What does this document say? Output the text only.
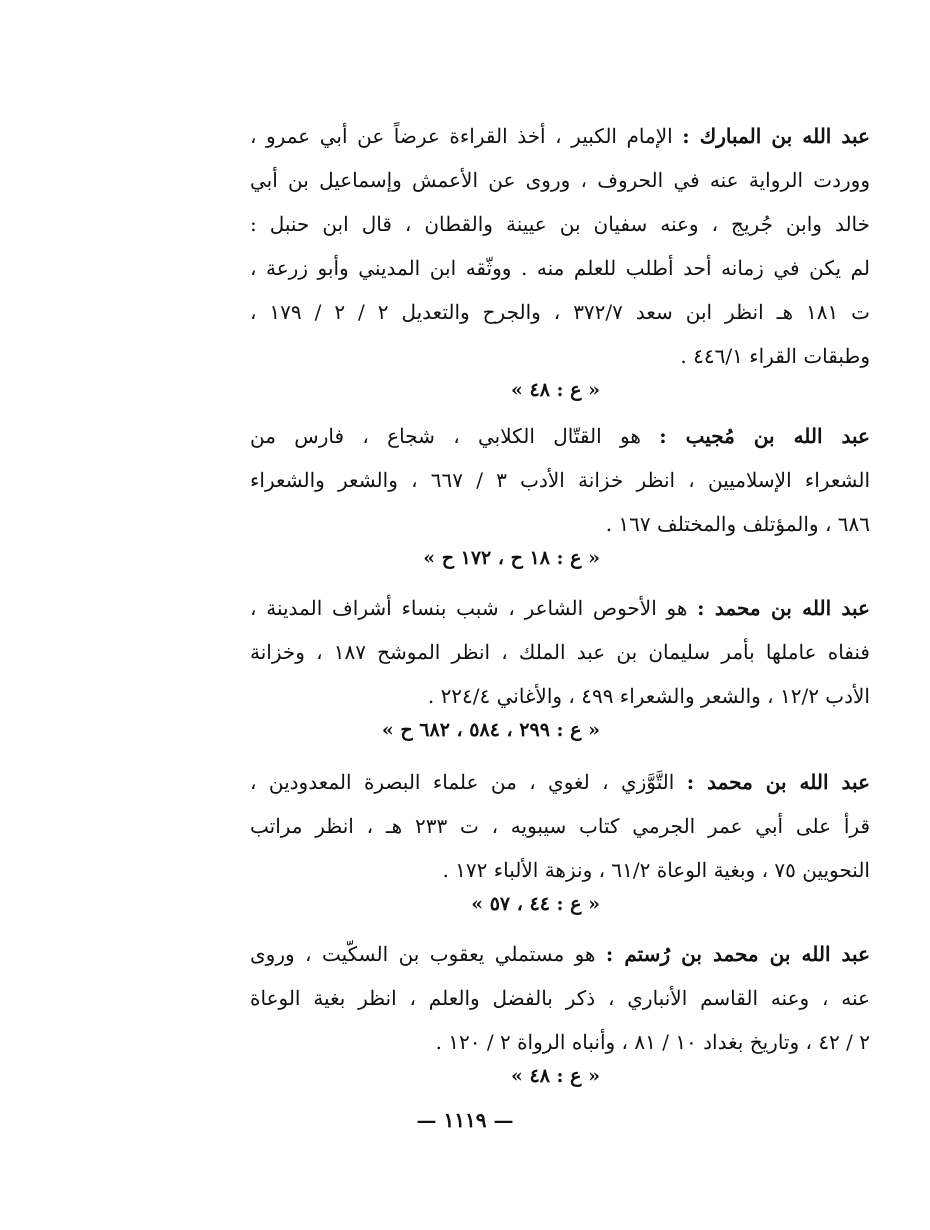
عبد الله بن المبارك : الإمام الكبير ، أخذ القراءة عرضاً عن أبي عمرو ،
ووردت الرواية عنه في الحروف ، وروى عن الأعمش وإسماعيل بن أبي
خالد وابن جُريج ، وعنه سفيان بن عيينة والقطان ، قال ابن حنبل :
لم يكن في زمانه أحد أطلب للعلم منه . ووثّقه ابن المديني وأبو زرعة ،
ت ١٨١ هـ انظر ابن سعد ٣٧٢/٧ ، والجرح والتعديل ٢ / ٢ / ١٧٩ ،
وطبقات القراء ٤٤٦/١ .
« ع : ٤٨ »
عبد الله بن مُجيب : هو القتّال الكلابي ، شجاع ، فارس من
الشعراء الإسلاميين ، انظر خزانة الأدب ٣ / ٦٦٧ ، والشعر والشعراء
٦٨٦ ، والمؤتلف والمختلف ١٦٧ .
« ع : ١٨ ح ، ١٧٢ ح »
عبد الله بن محمد : هو الأحوص الشاعر ، شبب بنساء أشراف المدينة ،
فنفاه عاملها بأمر سليمان بن عبد الملك ، انظر الموشح ١٨٧ ، وخزانة
الأدب ١٢/٢ ، والشعر والشعراء ٤٩٩ ، والأغاني ٢٢٤/٤ .
« ع : ٢٩٩ ، ٥٨٤ ، ٦٨٢ ح »
عبد الله بن محمد : التَّوَّزي ، لغوي ، من علماء البصرة المعدودين ،
قرأ على أبي عمر الجرمي كتاب سيبويه ، ت ٢٣٣ هـ ، انظر مراتب
النحويين ٧٥ ، وبغية الوعاة ٦١/٢ ، ونزهة الألباء ١٧٢ .
« ع : ٤٤ ، ٥٧ »
عبد الله بن محمد بن رُستم : هو مستملي يعقوب بن السكّيت ، وروى
عنه ، وعنه القاسم الأنباري ، ذكر بالفضل والعلم ، انظر بغية الوعاة
٢ / ٤٢ ، وتاريخ بغداد ١٠ / ٨١ ، وأنباه الرواة ٢ / ١٢٠ .
« ع : ٤٨ »
— ١١١٩ —
